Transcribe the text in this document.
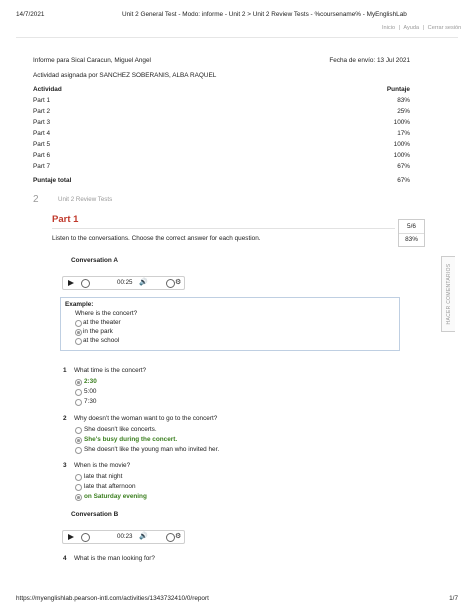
14/7/2021	Unit 2 General Test - Modo: informe - Unit 2 > Unit 2 Review Tests - %coursename% - MyEnglishLab
Inicio | Ayuda | Cerrar sesión
Informe para Sical Caracun, Miguel Angel	Fecha de envío: 13 Jul 2021
Actividad asignada por SANCHEZ SOBERANIS, ALBA RAQUEL
Actividad	Puntaje
Part 1	83%
Part 2	25%
Part 3	100%
Part 4	17%
Part 5	100%
Part 6	100%
Part 7	67%
Puntaje total	67%
2	Unit 2 Review Tests
Part 1
5/6
83%
Listen to the conversations. Choose the correct answer for each question.
HACER COMENTARIOS
Conversation A
00:25 🔊	⚙
Example:
Where is the concert?
at the theater
in the park
at the school
1 What time is the concert?
2:30
5:00
7:30
2 Why doesn't the woman want to go to the concert?
She doesn't like concerts.
She's busy during the concert.
She doesn't like the young man who invited her.
3 When is the movie?
late that night
late that afternoon
on Saturday evening
Conversation B
00:23 🔊	⚙
4 What is the man looking for?
https://myenglishlab.pearson-intl.com/activities/1343732410/0/report	1/7
